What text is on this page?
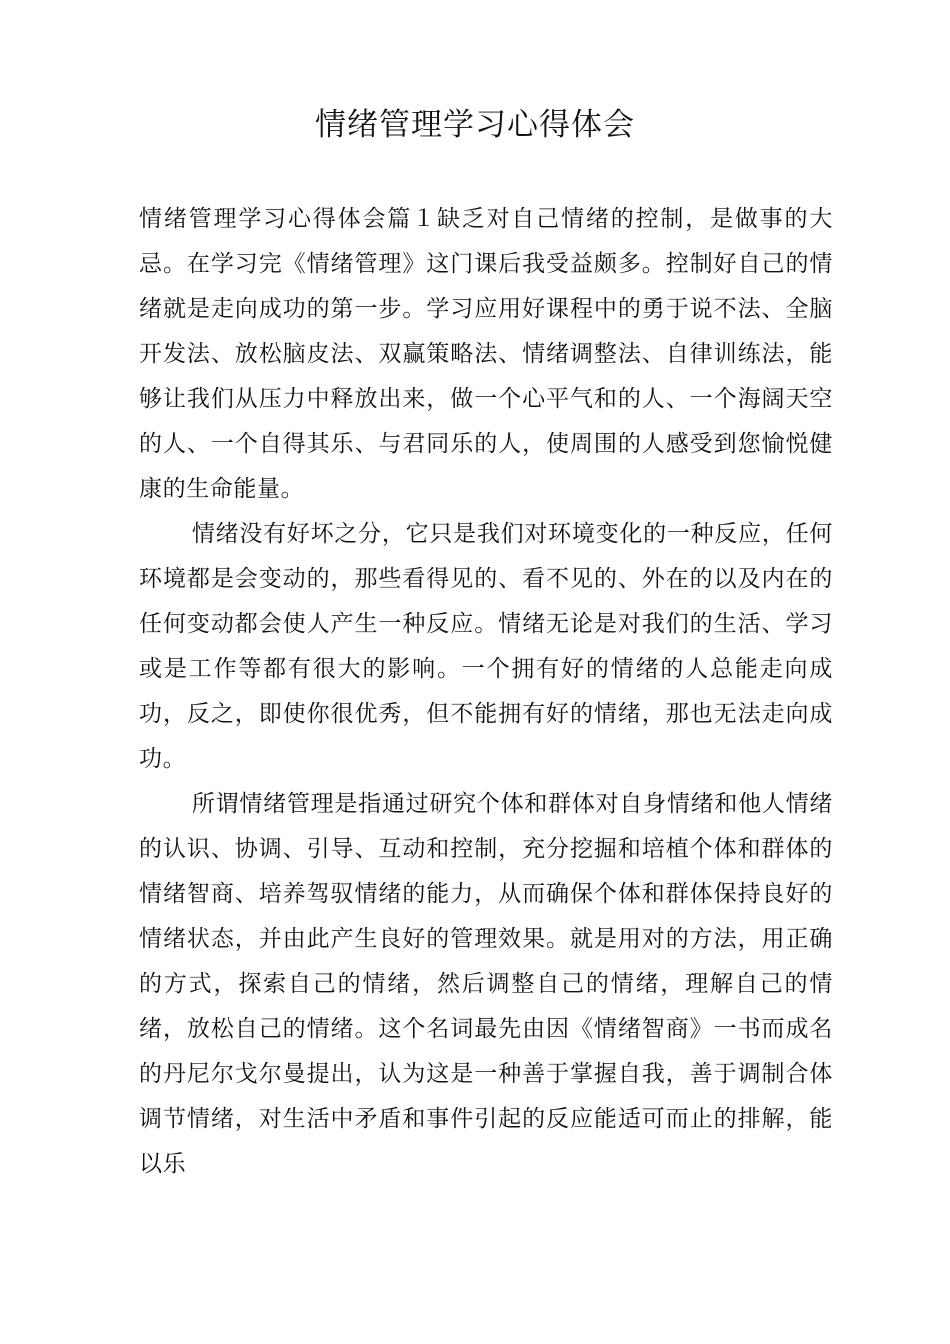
情绪管理学习心得体会

情绪管理学习心得体会篇１缺乏对自己情绪的控制，是做事的大忌。在学习完《情绪管理》这门课后我受益颇多。控制好自己的情绪就是走向成功的第一步。学习应用好课程中的勇于说不法、全脑开发法、放松脑皮法、双赢策略法、情绪调整法、自律训练法，能够让我们从压力中释放出来，做一个心平气和的人、一个海阔天空的人、一个自得其乐、与君同乐的人，使周围的人感受到您愉悦健康的生命能量。

情绪没有好坏之分，它只是我们对环境变化的一种反应，任何环境都是会变动的，那些看得见的、看不见的、外在的以及内在的任何变动都会使人产生一种反应。情绪无论是对我们的生活、学习或是工作等都有很大的影响。一个拥有好的情绪的人总能走向成功，反之，即使你很优秀，但不能拥有好的情绪，那也无法走向成功。

所谓情绪管理是指通过研究个体和群体对自身情绪和他人情绪的认识、协调、引导、互动和控制，充分挖掘和培植个体和群体的情绪智商、培养驾驭情绪的能力，从而确保个体和群体保持良好的情绪状态，并由此产生良好的管理效果。就是用对的方法，用正确的方式，探索自己的情绪，然后调整自己的情绪，理解自己的情绪，放松自己的情绪。这个名词最先由因《情绪智商》一书而成名的丹尼尔戈尔曼提出，认为这是一种善于掌握自我，善于调制合体调节情绪，对生活中矛盾和事件引起的反应能适可而止的排解，能以乐
